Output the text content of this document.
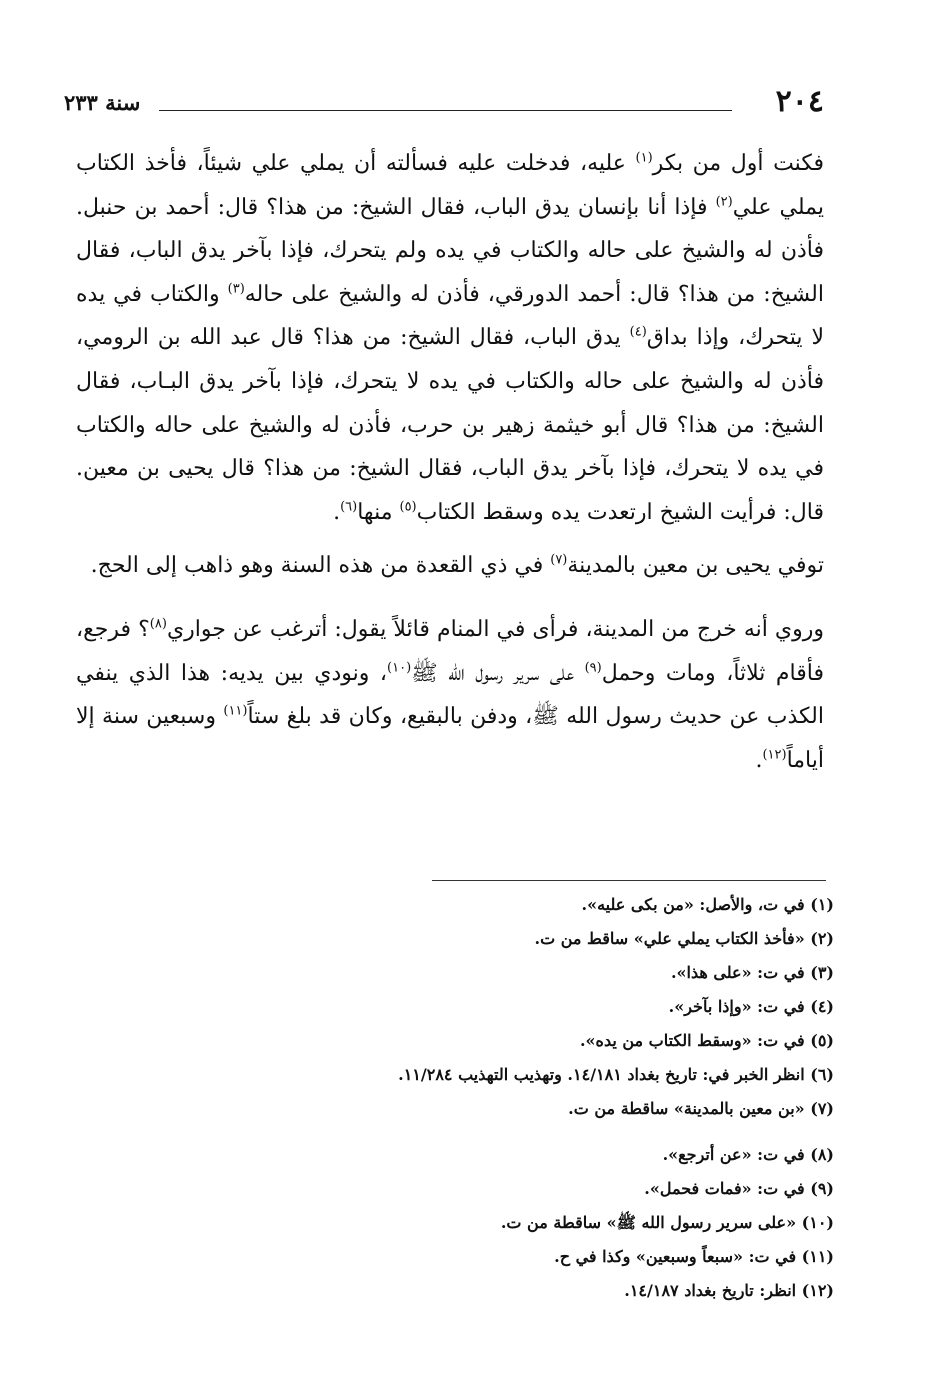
٢٠٤
سنة ٢٣٣

فكنت أول من بكر$^{(١)}$ عليه، فدخلت عليه فسألته أن يملي علي شيئاً، فأخذ الكتاب يملي علي$^{(٢)}$ فإذا أنا بإنسان يدق الباب، فقال الشيخ: من هذا؟ قال: أحمد بن حنبل. فأذن له والشيخ على حاله والكتاب في يده ولم يتحرك، فإذا بآخر يدق الباب، فقال الشيخ: من هذا؟ قال: أحمد الدورقي، فأذن له والشيخ على حاله$^{(٣)}$ والكتاب في يده لا يتحرك، وإذا بداق$^{(٤)}$ يدق الباب، فقال الشيخ: من هذا؟ قال عبد الله بن الرومي، فأذن له والشيخ على حاله والكتاب في يده لا يتحرك، فإذا بآخر يدق البـاب، فقال الشيخ: من هذا؟ قال أبو خيثمة زهير بن حرب، فأذن له والشيخ على حاله والكتاب في يده لا يتحرك، فإذا بآخر يدق الباب، فقال الشيخ: من هذا؟ قال يحيى بن معين. قال: فرأيت الشيخ ارتعدت يده وسقط الكتاب$^{(٥)}$ منها$^{(٦)}$.

توفي يحيى بن معين بالمدينة$^{(٧)}$ في ذي القعدة من هذه السنة وهو ذاهب إلى الحج.

وروي أنه خرج من المدينة، فرأى في المنام قائلاً يقول: أترغب عن جواري$^{(٨)}$؟ فرجع، فأقام ثلاثاً، ومات وحمل$^{(٩)}$ على سرير رسول الله ﷺ$^{(١٠)}$، ونودي بين يديه: هذا الذي ينفي الكذب عن حديث رسول الله ﷺ، ودفن بالبقيع، وكان قد بلغ ستاً$^{(١١)}$ وسبعين سنة إلا أياماً$^{(١٢)}$.

(١) في ت، والأصل: «من بكى عليه».
(٢) «فأخذ الكتاب يملي علي» ساقط من ت.
(٣) في ت: «على هذا».
(٤) في ت: «وإذا بآخر».
(٥) في ت: «وسقط الكتاب من يده».
(٦) انظر الخبر في: تاريخ بغداد ١٤/١٨١. وتهذيب التهذيب ١١/٢٨٤.
(٧) «بن معين بالمدينة» ساقطة من ت.
(٨) في ت: «عن أترجع».
(٩) في ت: «فمات فحمل».
(١٠) «على سرير رسول الله ﷺ» ساقطة من ت.
(١١) في ت: «سبعاً وسبعين» وكذا في ح.
(١٢) انظر: تاريخ بغداد ١٤/١٨٧.
